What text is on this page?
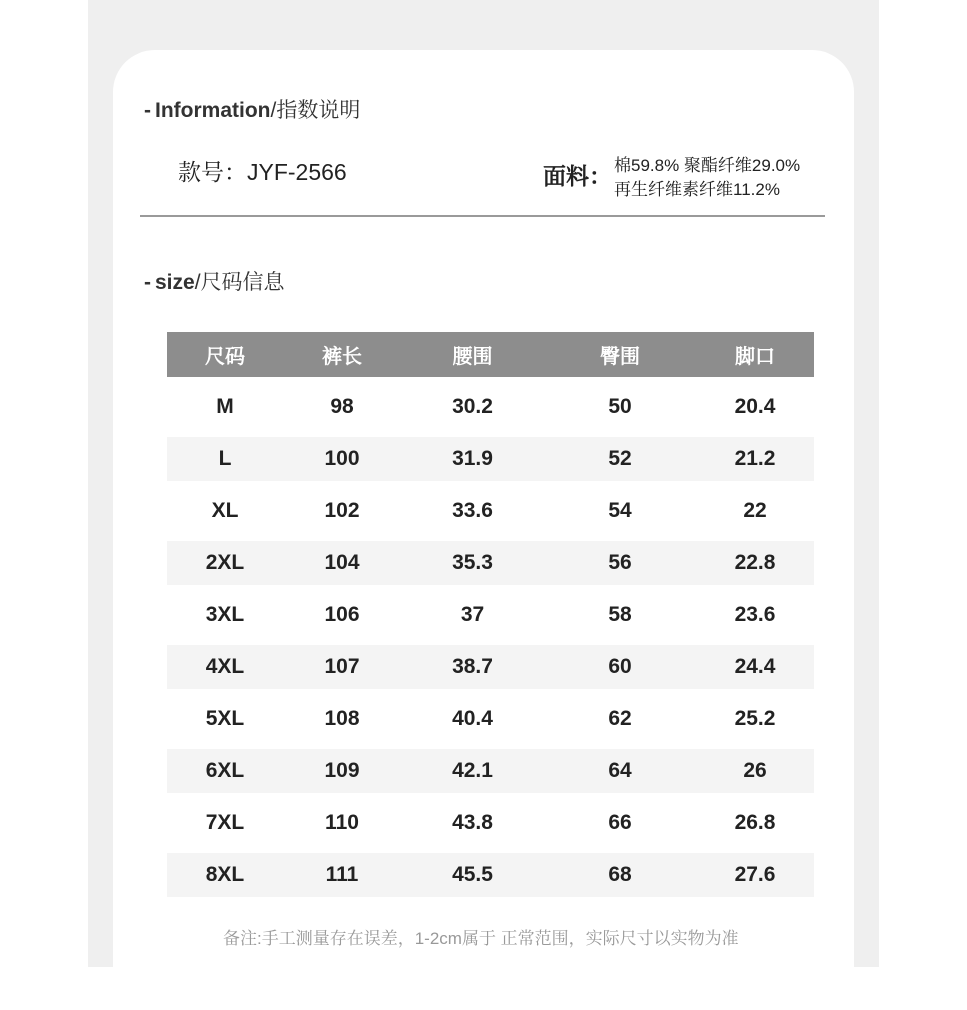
- Information/指数说明
款号：JYF-2566	面料： 棉59.8% 聚酯纤维29.0%
再生纤维素纤维11.2%
- size/尺码信息
尺码	裤长	腰围	臀围	脚口
M	98	30.2	50	20.4
L	100	31.9	52	21.2
XL	102	33.6	54	22
2XL	104	35.3	56	22.8
3XL	106	37	58	23.6
4XL	107	38.7	60	24.4
5XL	108	40.4	62	25.2
6XL	109	42.1	64	26
7XL	110	43.8	66	26.8
8XL	111	45.5	68	27.6
备注:手工测量存在误差，1-2cm属于 正常范围，实际尺寸以实物为准
